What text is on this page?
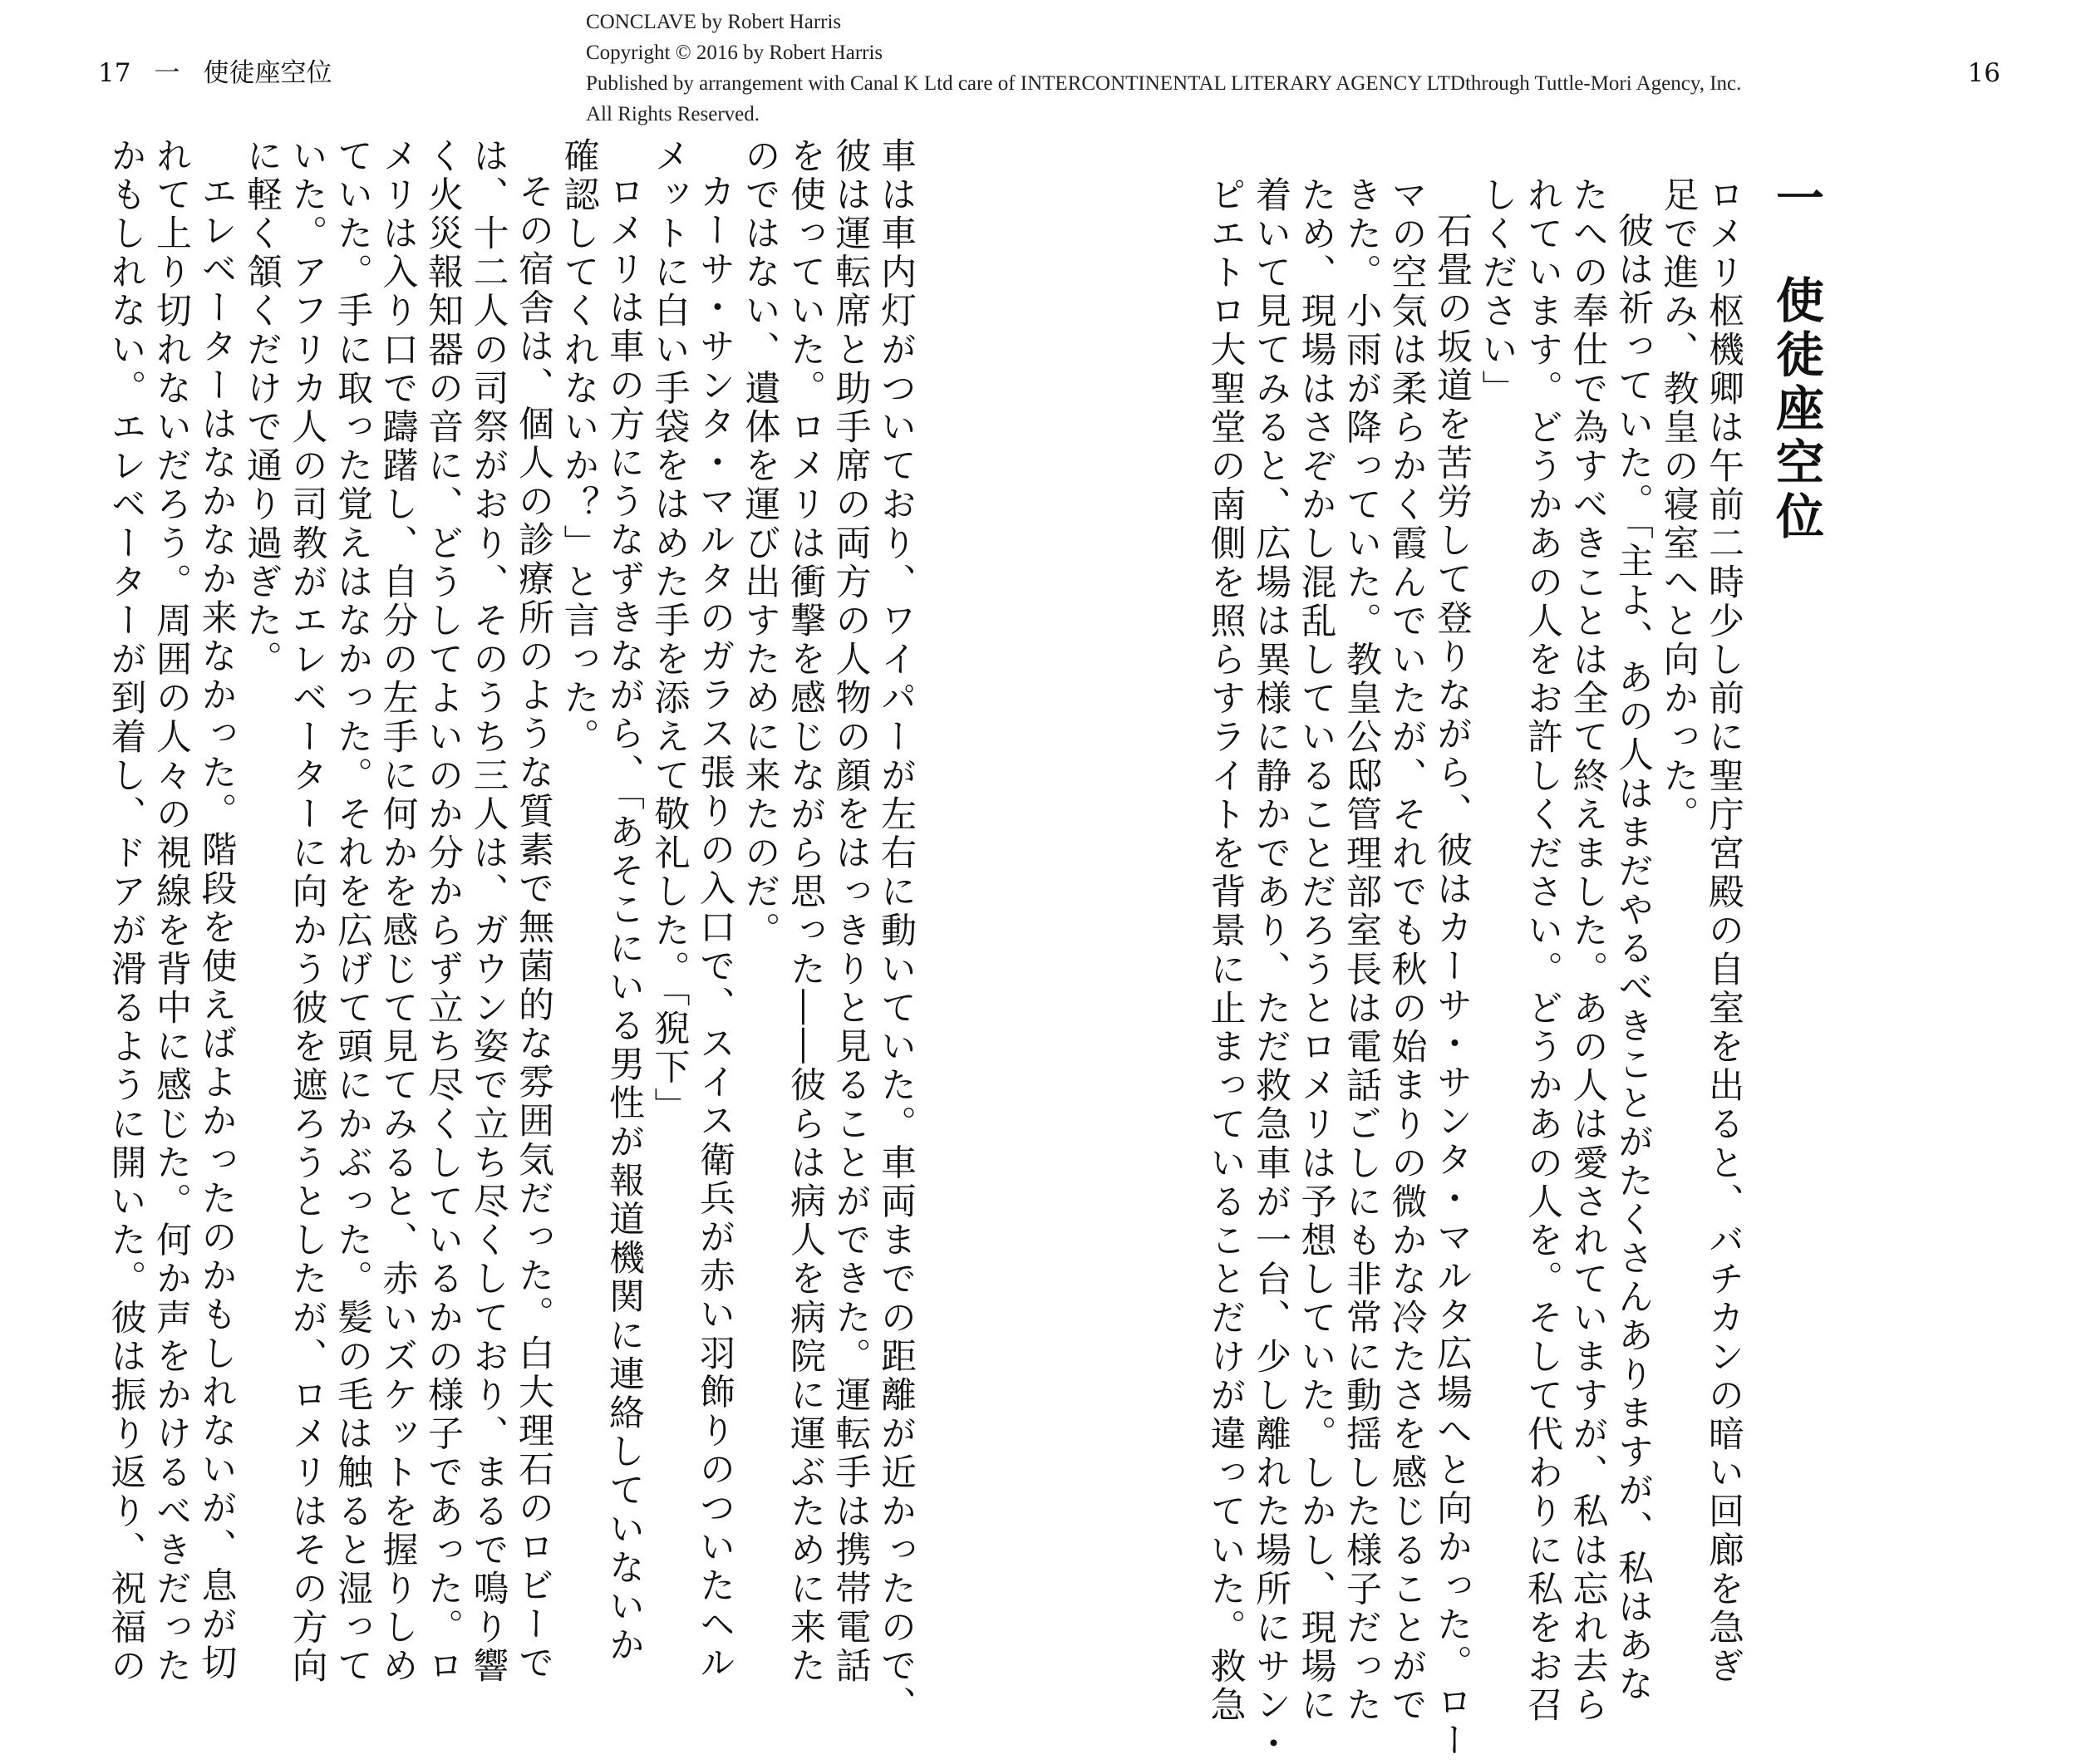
17 一 使徒座空位	16
CONCLAVE by Robert Harris
Copyright © 2016 by Robert Harris
Published by arrangement with Canal K Ltd care of INTERCONTINENTAL LITERARY AGENCY LTDthrough Tuttle-Mori Agency, Inc.
All Rights Reserved.
一使徒座空位

ロメリ枢機卿は午前二時少し前に聖庁宮殿の自室を出ると、バチカンの暗い回廊を急ぎ

足で進み、教皇の寝室へと向かった。

彼は祈っていた。「主よ、あの人はまだやるべきことがたくさんありますが、私はあな

たへの奉仕で為すべきことは全て終えました。あの人は愛されていますが、私は忘れ去ら

れています。どうかあの人をお許しください。どうかあの人を。そして代わりに私をお召

しください」

石畳の坂道を苦労して登りながら、彼はカーサ・サンタ・マルタ広場へと向かった。ロー

マの空気は柔らかく霞んでいたが、それでも秋の始まりの微かな冷たさを感じることがで

きた。小雨が降っていた。教皇公邸管理部室長は電話ごしにも非常に動揺した様子だった

ため、現場はさぞかし混乱していることだろうとロメリは予想していた。しかし、現場に

着いて見てみると、広場は異様に静かであり、ただ救急車が一台、少し離れた場所にサン・

ピエトロ大聖堂の南側を照らすライトを背景に止まっていることだけが違っていた。救急

車は車内灯がついており、ワイパーが左右に動いていた。車両までの距離が近かったので、

彼は運転席と助手席の両方の人物の顔をはっきりと見ることができた。運転手は携帯電話

を使っていた。ロメリは衝撃を感じながら思った――彼らは病人を病院に運ぶために来た

のではない、遺体を運び出すために来たのだ。

カーサ・サンタ・マルタのガラス張りの入口で、スイス衛兵が赤い羽飾りのついたヘル

メットに白い手袋をはめた手を添えて敬礼した。「猊下」

ロメリは車の方にうなずきながら、「あそこにいる男性が報道機関に連絡していないか

確認してくれないか？」と言った。

その宿舎は、個人の診療所のような質素で無菌的な雰囲気だった。白大理石のロビーで

は、十二人の司祭がおり、そのうち三人は、ガウン姿で立ち尽くしており、まるで鳴り響

く火災報知器の音に、どうしてよいのか分からず立ち尽くしているかの様子であった。ロ

メリは入り口で躊躇し、自分の左手に何かを感じて見てみると、赤いズケットを握りしめ

ていた。手に取った覚えはなかった。それを広げて頭にかぶった。髪の毛は触ると湿って

いた。アフリカ人の司教がエレベーターに向かう彼を遮ろうとしたが、ロメリはその方向

に軽く頷くだけで通り過ぎた。

エレベーターはなかなか来なかった。階段を使えばよかったのかもしれないが、息が切

れて上り切れないだろう。周囲の人々の視線を背中に感じた。何か声をかけるべきだった

かもしれない。エレベーターが到着し、ドアが滑るように開いた。彼は振り返り、祝福の
